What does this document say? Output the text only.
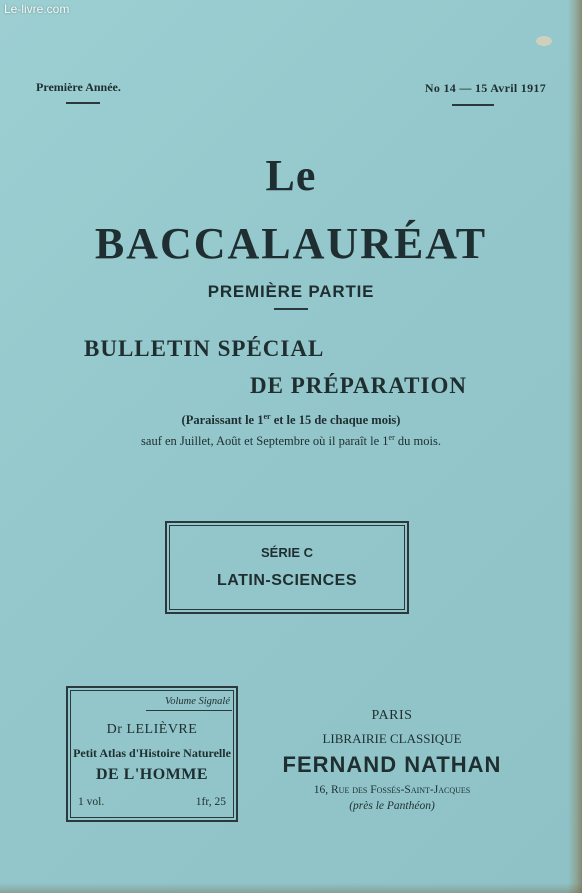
Le-livre.com
Première Année.	No 14 — 15 Avril 1917
Le
BACCALAURÉAT
PREMIÈRE PARTIE
BULLETIN SPÉCIAL
DE PRÉPARATION
(Paraissant le 1er et le 15 de chaque mois)
sauf en Juillet, Août et Septembre où il paraît le 1er du mois.
SÉRIE C
LATIN-SCIENCES
Volume Signalé
Dr LELIÈVRE
Petit Atlas d'Histoire Naturelle
DE L'HOMME
1 vol.	1fr, 25
PARIS
LIBRAIRIE CLASSIQUE
FERNAND NATHAN
16, Rue des Fossés-Saint-Jacques
(près le Panthéon)
